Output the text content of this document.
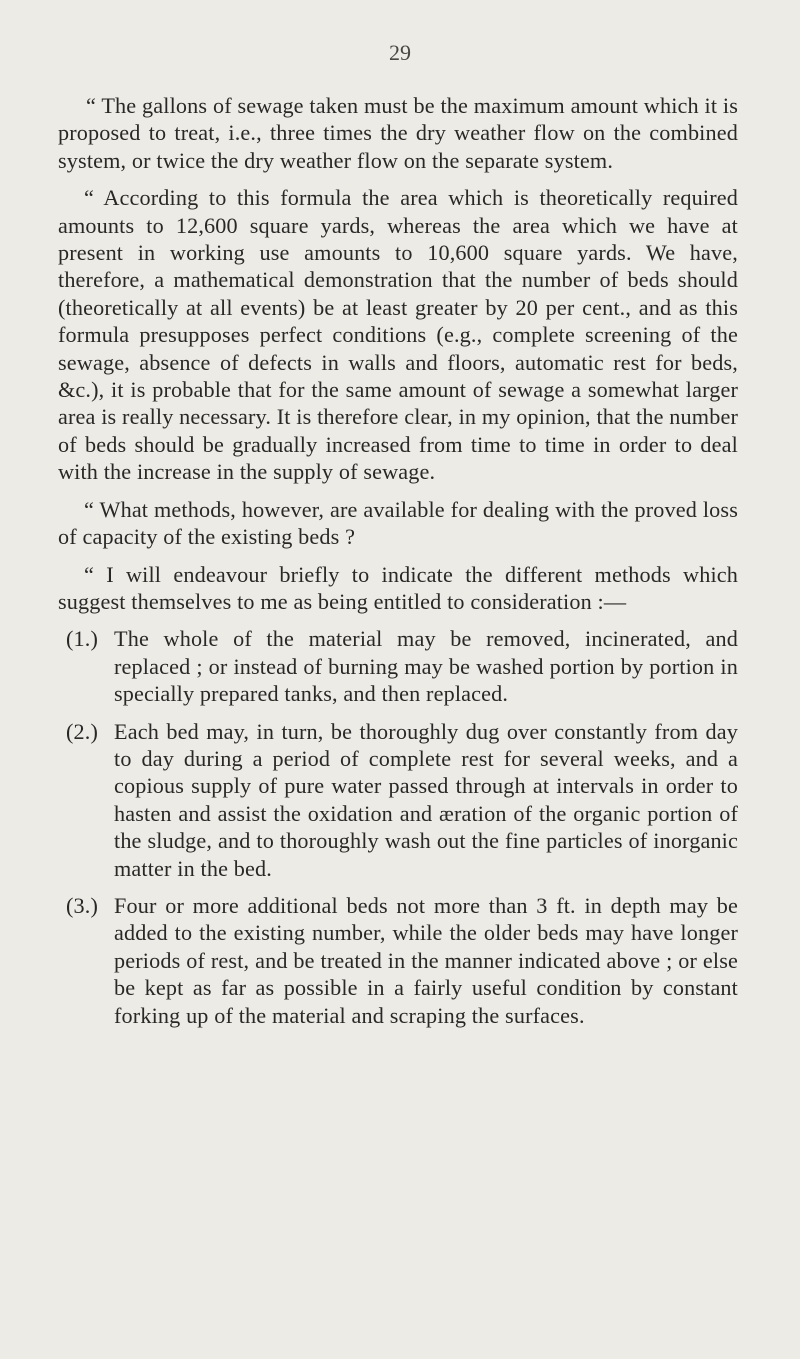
29

“ The gallons of sewage taken must be the maximum amount which it is proposed to treat, i.e., three times the dry weather flow on the combined system, or twice the dry weather flow on the separate system.

“ According to this formula the area which is theoretically required amounts to 12,600 square yards, whereas the area which we have at present in working use amounts to 10,600 square yards. We have, therefore, a mathematical demonstration that the number of beds should (theoretically at all events) be at least greater by 20 per cent., and as this formula presupposes perfect conditions (e.g., complete screening of the sewage, absence of defects in walls and floors, automatic rest for beds, &c.), it is probable that for the same amount of sewage a somewhat larger area is really necessary. It is therefore clear, in my opinion, that the number of beds should be gradually increased from time to time in order to deal with the increase in the supply of sewage.

“ What methods, however, are available for dealing with the proved loss of capacity of the existing beds ?

“ I will endeavour briefly to indicate the different methods which suggest themselves to me as being entitled to consideration :—

(1.) The whole of the material may be removed, incinerated, and replaced ; or instead of burning may be washed portion by portion in specially prepared tanks, and then replaced.
(2.) Each bed may, in turn, be thoroughly dug over constantly from day to day during a period of complete rest for several weeks, and a copious supply of pure water passed through at intervals in order to hasten and assist the oxidation and æration of the organic portion of the sludge, and to thoroughly wash out the fine particles of inorganic matter in the bed.
(3.) Four or more additional beds not more than 3 ft. in depth may be added to the existing number, while the older beds may have longer periods of rest, and be treated in the manner indicated above ; or else be kept as far as possible in a fairly useful condition by constant forking up of the material and scraping the surfaces.
